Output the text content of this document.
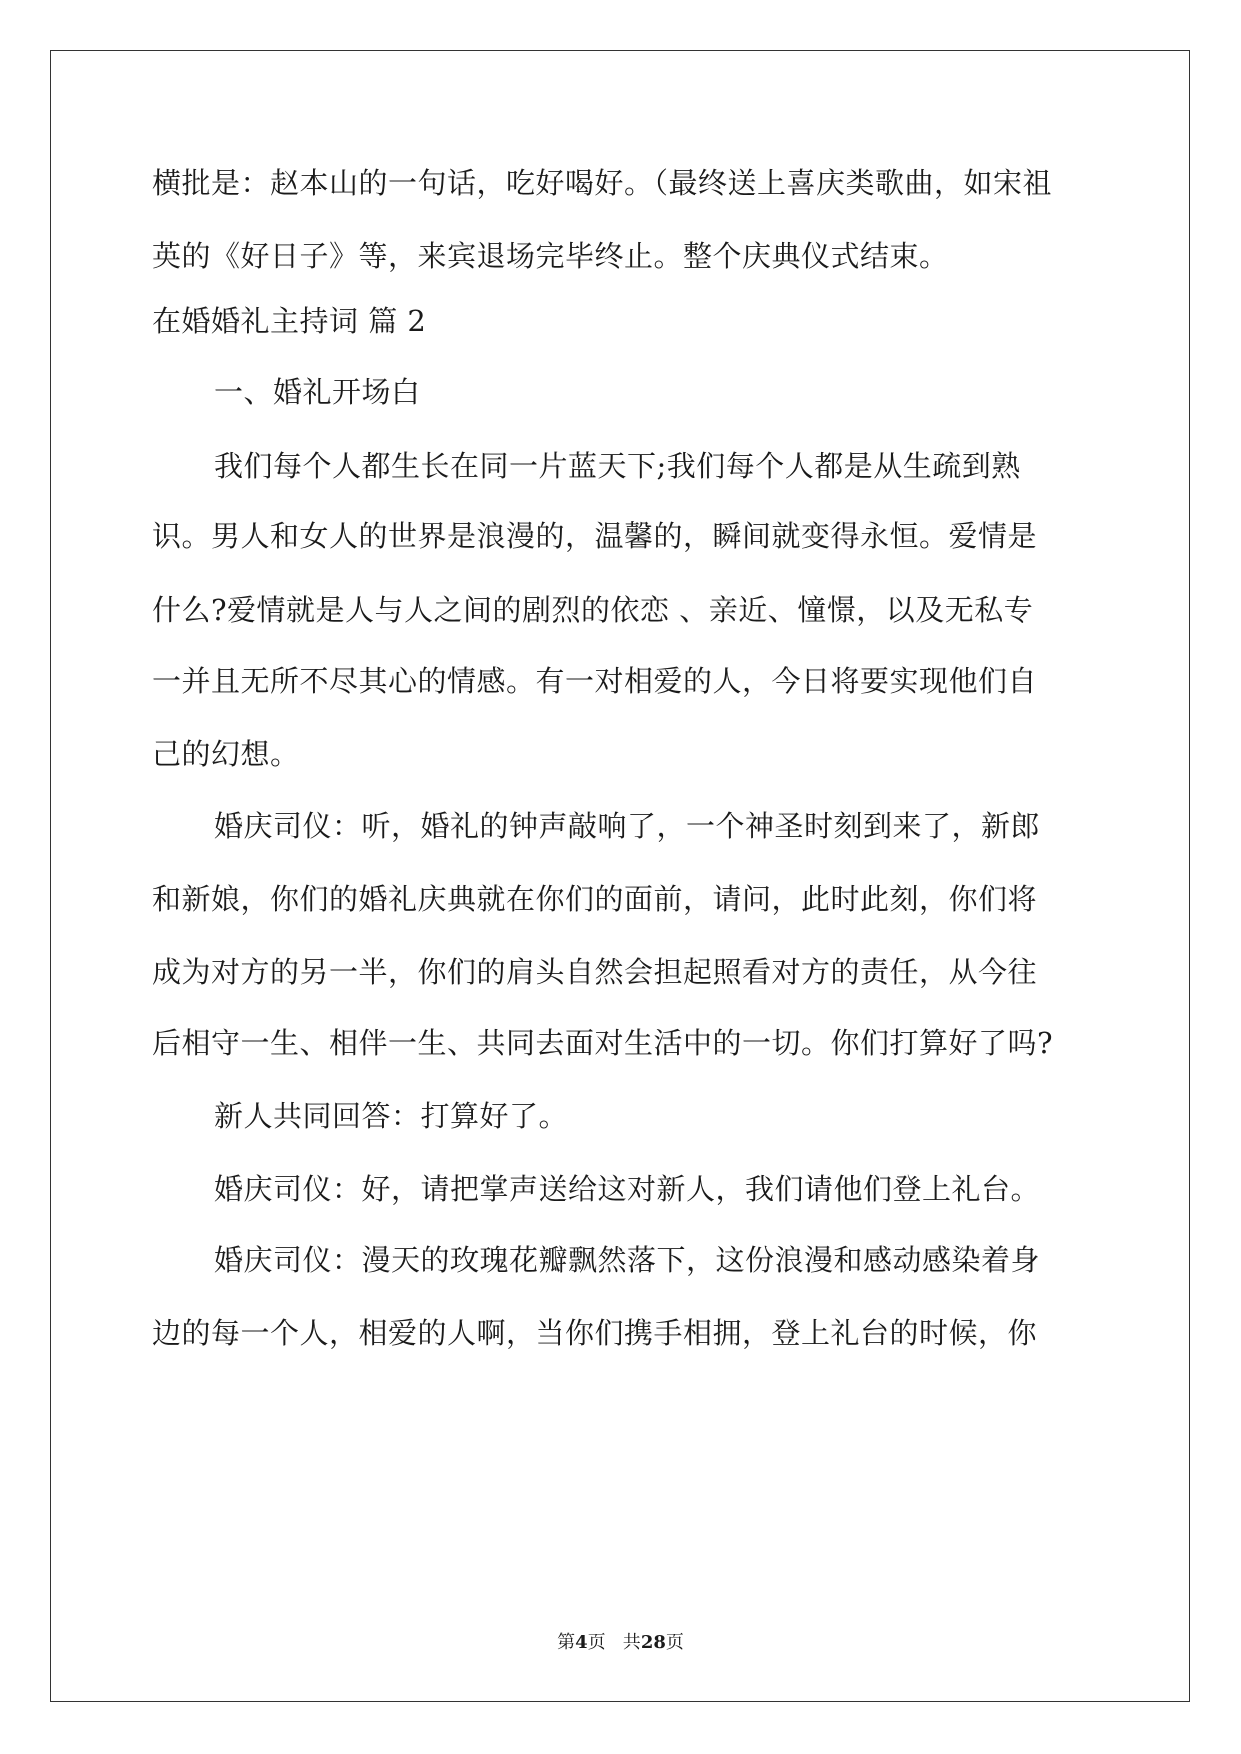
横批是：赵本山的一句话，吃好喝好。（最终送上喜庆类歌曲，如宋祖
英的《好日子》等，来宾退场完毕终止。整个庆典仪式结束。
在婚婚礼主持词 篇 2
一、婚礼开场白
我们每个人都生长在同一片蓝天下;我们每个人都是从生疏到熟
识。男人和女人的世界是浪漫的，温馨的，瞬间就变得永恒。爱情是
什么?爱情就是人与人之间的剧烈的依恋 、亲近、憧憬，以及无私专
一并且无所不尽其心的情感。有一对相爱的人，今日将要实现他们自
己的幻想。
婚庆司仪：听，婚礼的钟声敲响了，一个神圣时刻到来了，新郎
和新娘，你们的婚礼庆典就在你们的面前，请问，此时此刻，你们将
成为对方的另一半，你们的肩头自然会担起照看对方的责任，从今往
后相守一生、相伴一生、共同去面对生活中的一切。你们打算好了吗?
新人共同回答：打算好了。
婚庆司仪：好，请把掌声送给这对新人，我们请他们登上礼台。
婚庆司仪：漫天的玫瑰花瓣飘然落下，这份浪漫和感动感染着身
边的每一个人，相爱的人啊，当你们携手相拥，登上礼台的时候，你
第4页   共28页
